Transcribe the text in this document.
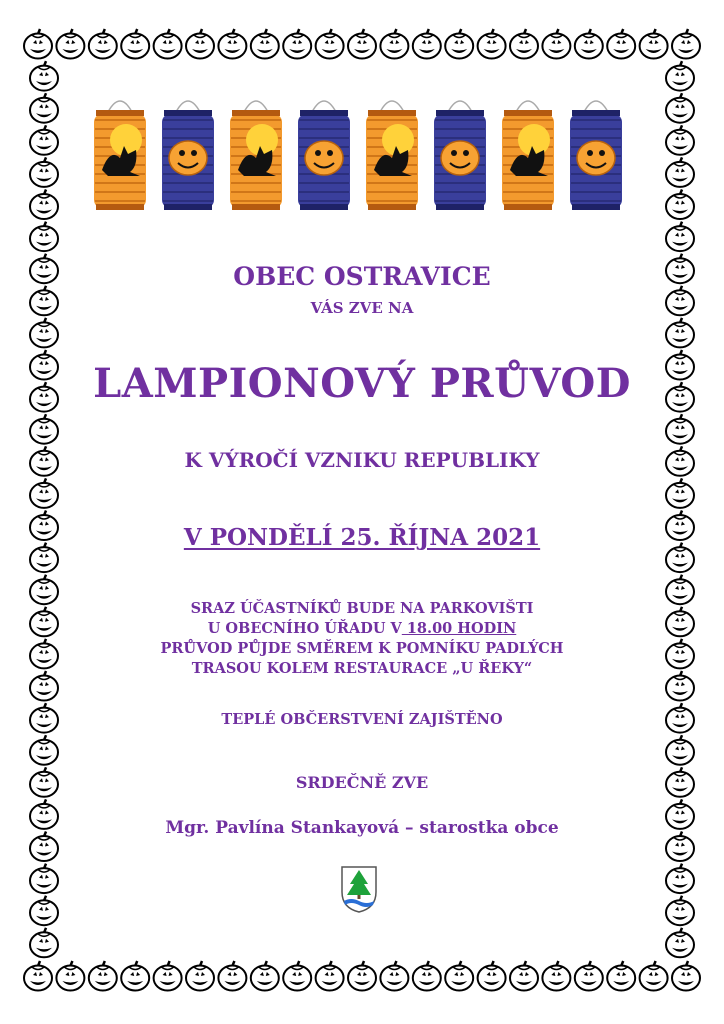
OBEC OSTRAVICE
VÁS ZVE NA
LAMPIONOVÝ PRŮVOD
K VÝROČÍ VZNIKU REPUBLIKY
V PONDĚLÍ 25. ŘÍJNA 2021
SRAZ ÚČASTNÍKŮ BUDE NA PARKOVIŠTI
U OBECNÍHO ÚŘADU V 18.00 HODIN
PRŮVOD PŮJDE SMĚREM K POMNÍKU PADLÝCH
TRASOU KOLEM RESTAURACE „U ŘEKY“
TEPLÉ OBČERSTVENÍ ZAJIŠTĚNO
SRDEČNĚ ZVE
Mgr. Pavlína Stankayová – starostka obce
